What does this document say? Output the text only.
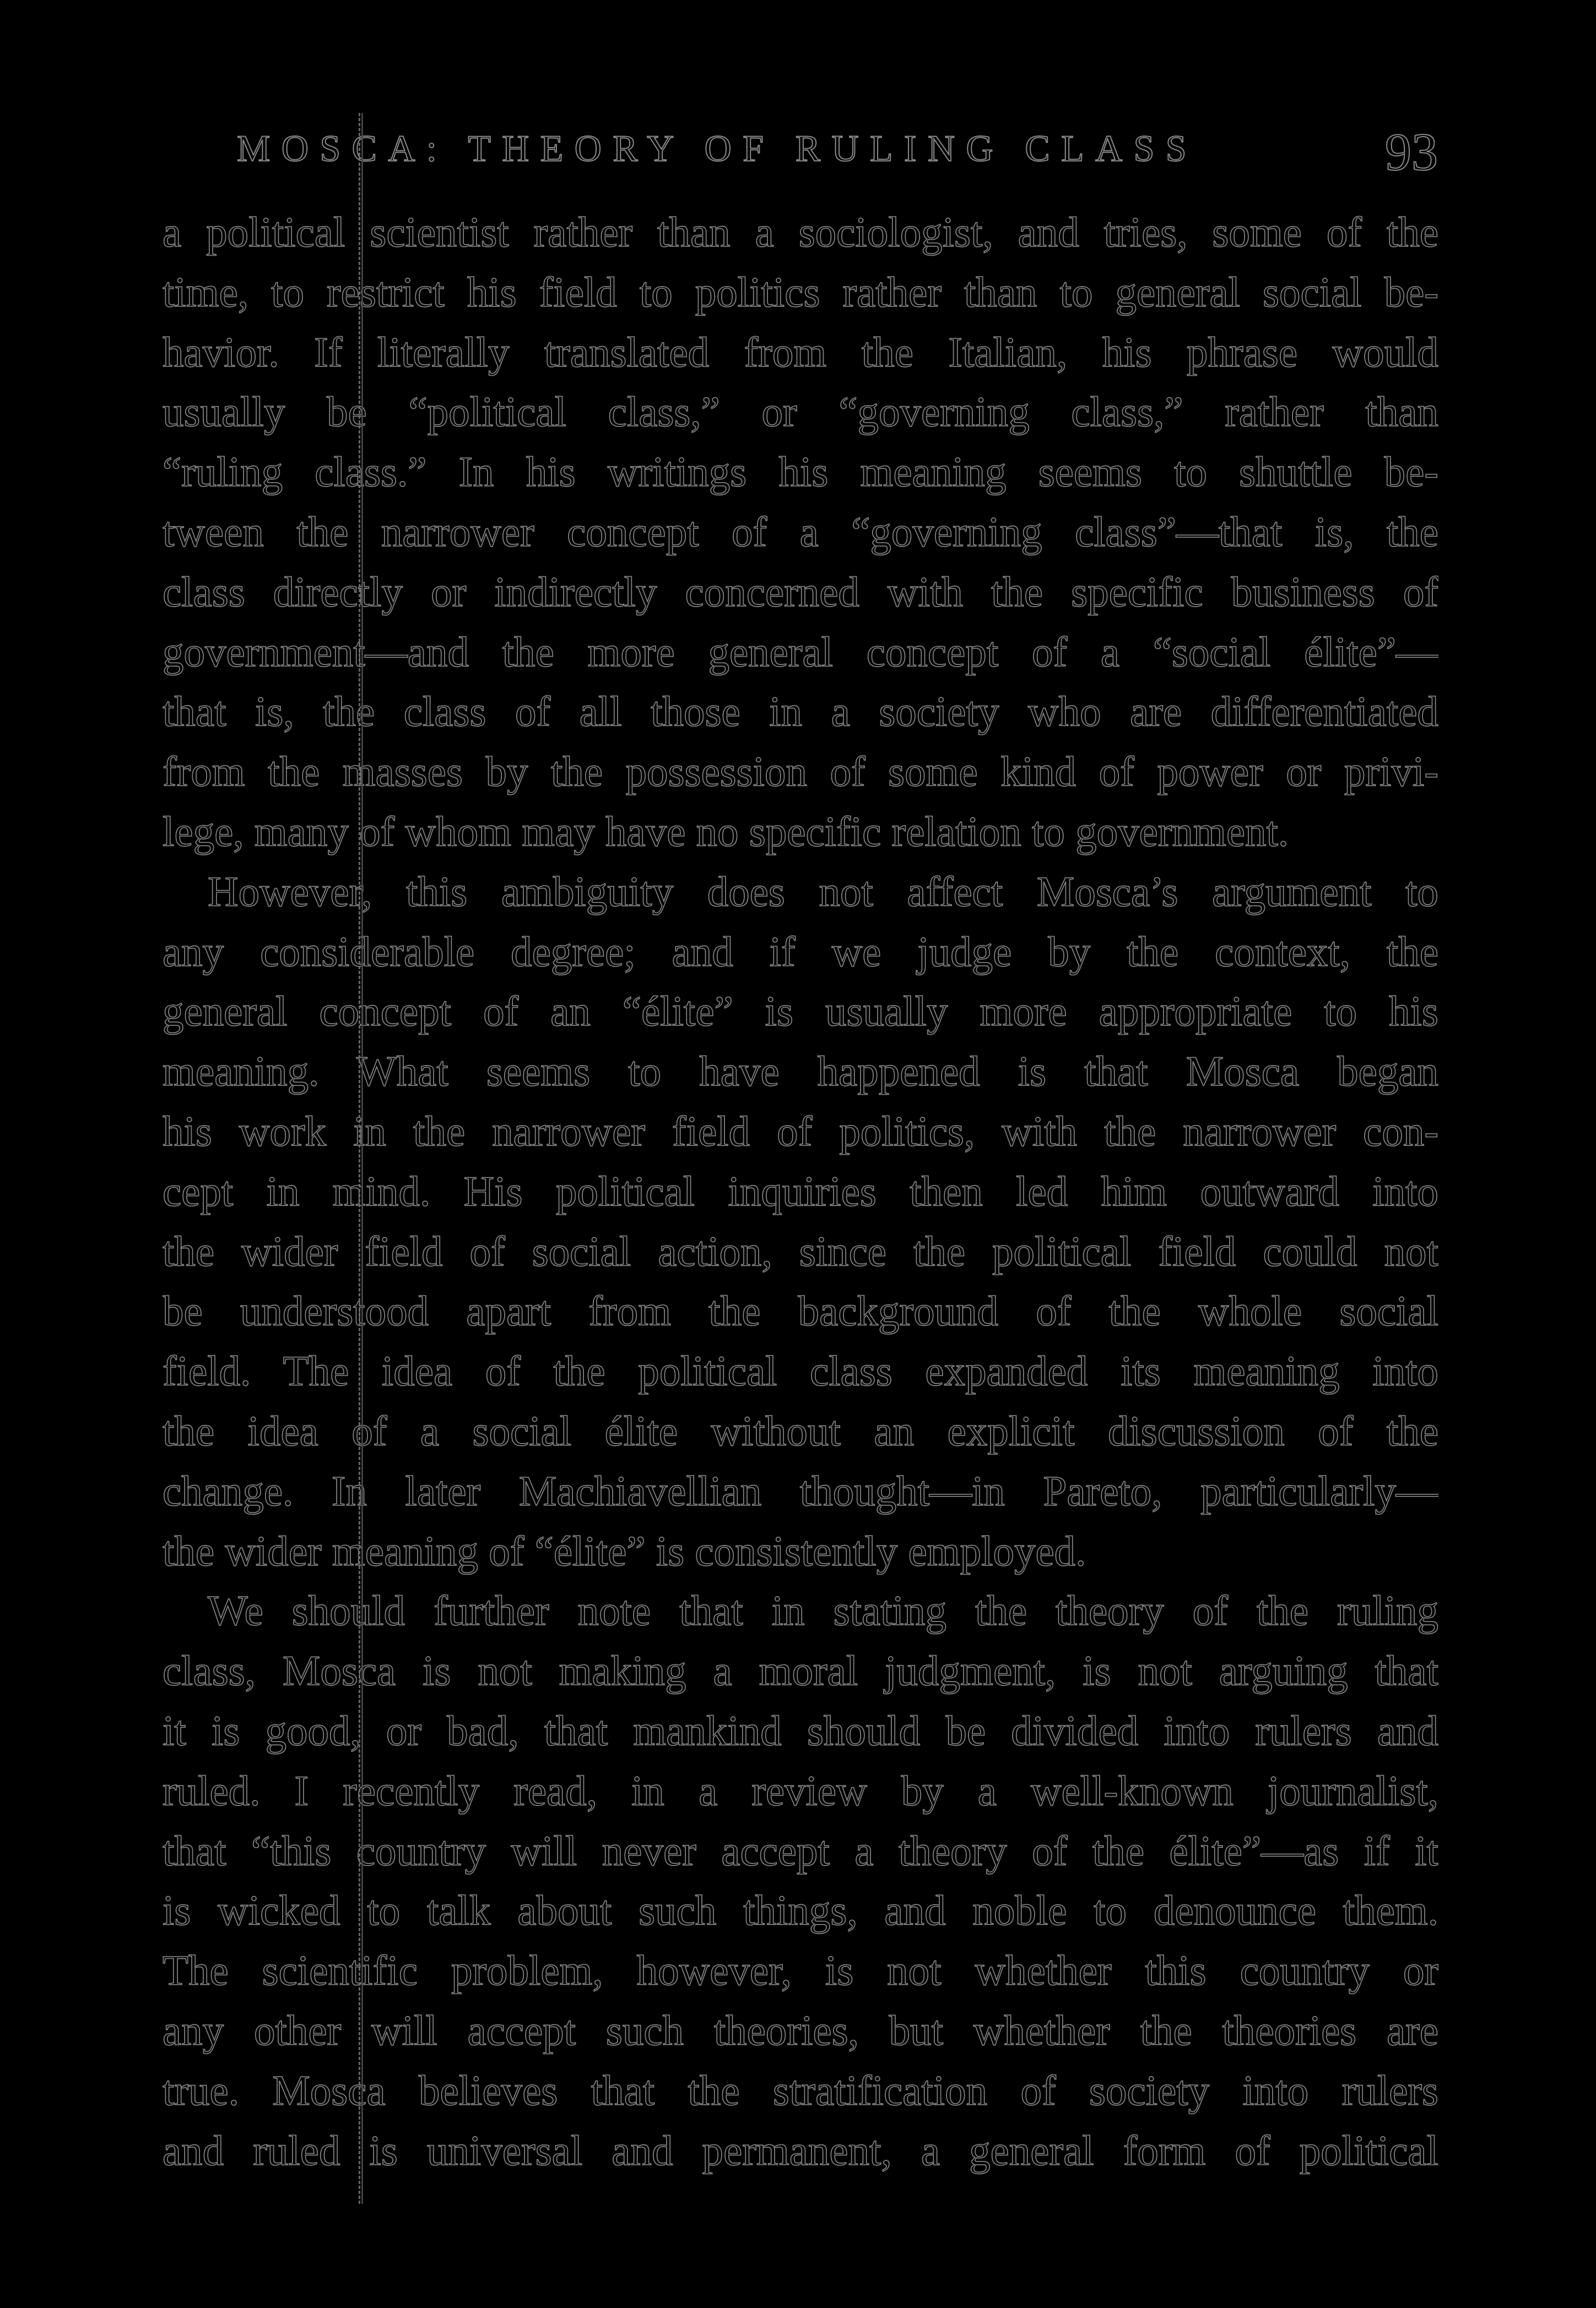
MOSCA: THEORY OF RULING CLASS	93

a political scientist rather than a sociologist, and tries, some of the
time, to restrict his field to politics rather than to general social be-
havior. If literally translated from the Italian, his phrase would
usually be “political class,” or “governing class,” rather than
“ruling class.” In his writings his meaning seems to shuttle be-
tween the narrower concept of a “governing class”—that is, the
class directly or indirectly concerned with the specific business of
government—and the more general concept of a “social élite”—
that is, the class of all those in a society who are differentiated
from the masses by the possession of some kind of power or privi-
lege, many of whom may have no specific relation to government.

However, this ambiguity does not affect Mosca’s argument to
any considerable degree; and if we judge by the context, the
general concept of an “élite” is usually more appropriate to his
meaning. What seems to have happened is that Mosca began
his work in the narrower field of politics, with the narrower con-
cept in mind. His political inquiries then led him outward into
the wider field of social action, since the political field could not
be understood apart from the background of the whole social
field. The idea of the political class expanded its meaning into
the idea of a social élite without an explicit discussion of the
change. In later Machiavellian thought—in Pareto, particularly—
the wider meaning of “élite” is consistently employed.

We should further note that in stating the theory of the ruling
class, Mosca is not making a moral judgment, is not arguing that
it is good, or bad, that mankind should be divided into rulers and
ruled. I recently read, in a review by a well-known journalist,
that “this country will never accept a theory of the élite”—as if it
is wicked to talk about such things, and noble to denounce them.
The scientific problem, however, is not whether this country or
any other will accept such theories, but whether the theories are
true. Mosca believes that the stratification of society into rulers
and ruled is universal and permanent, a general form of political
